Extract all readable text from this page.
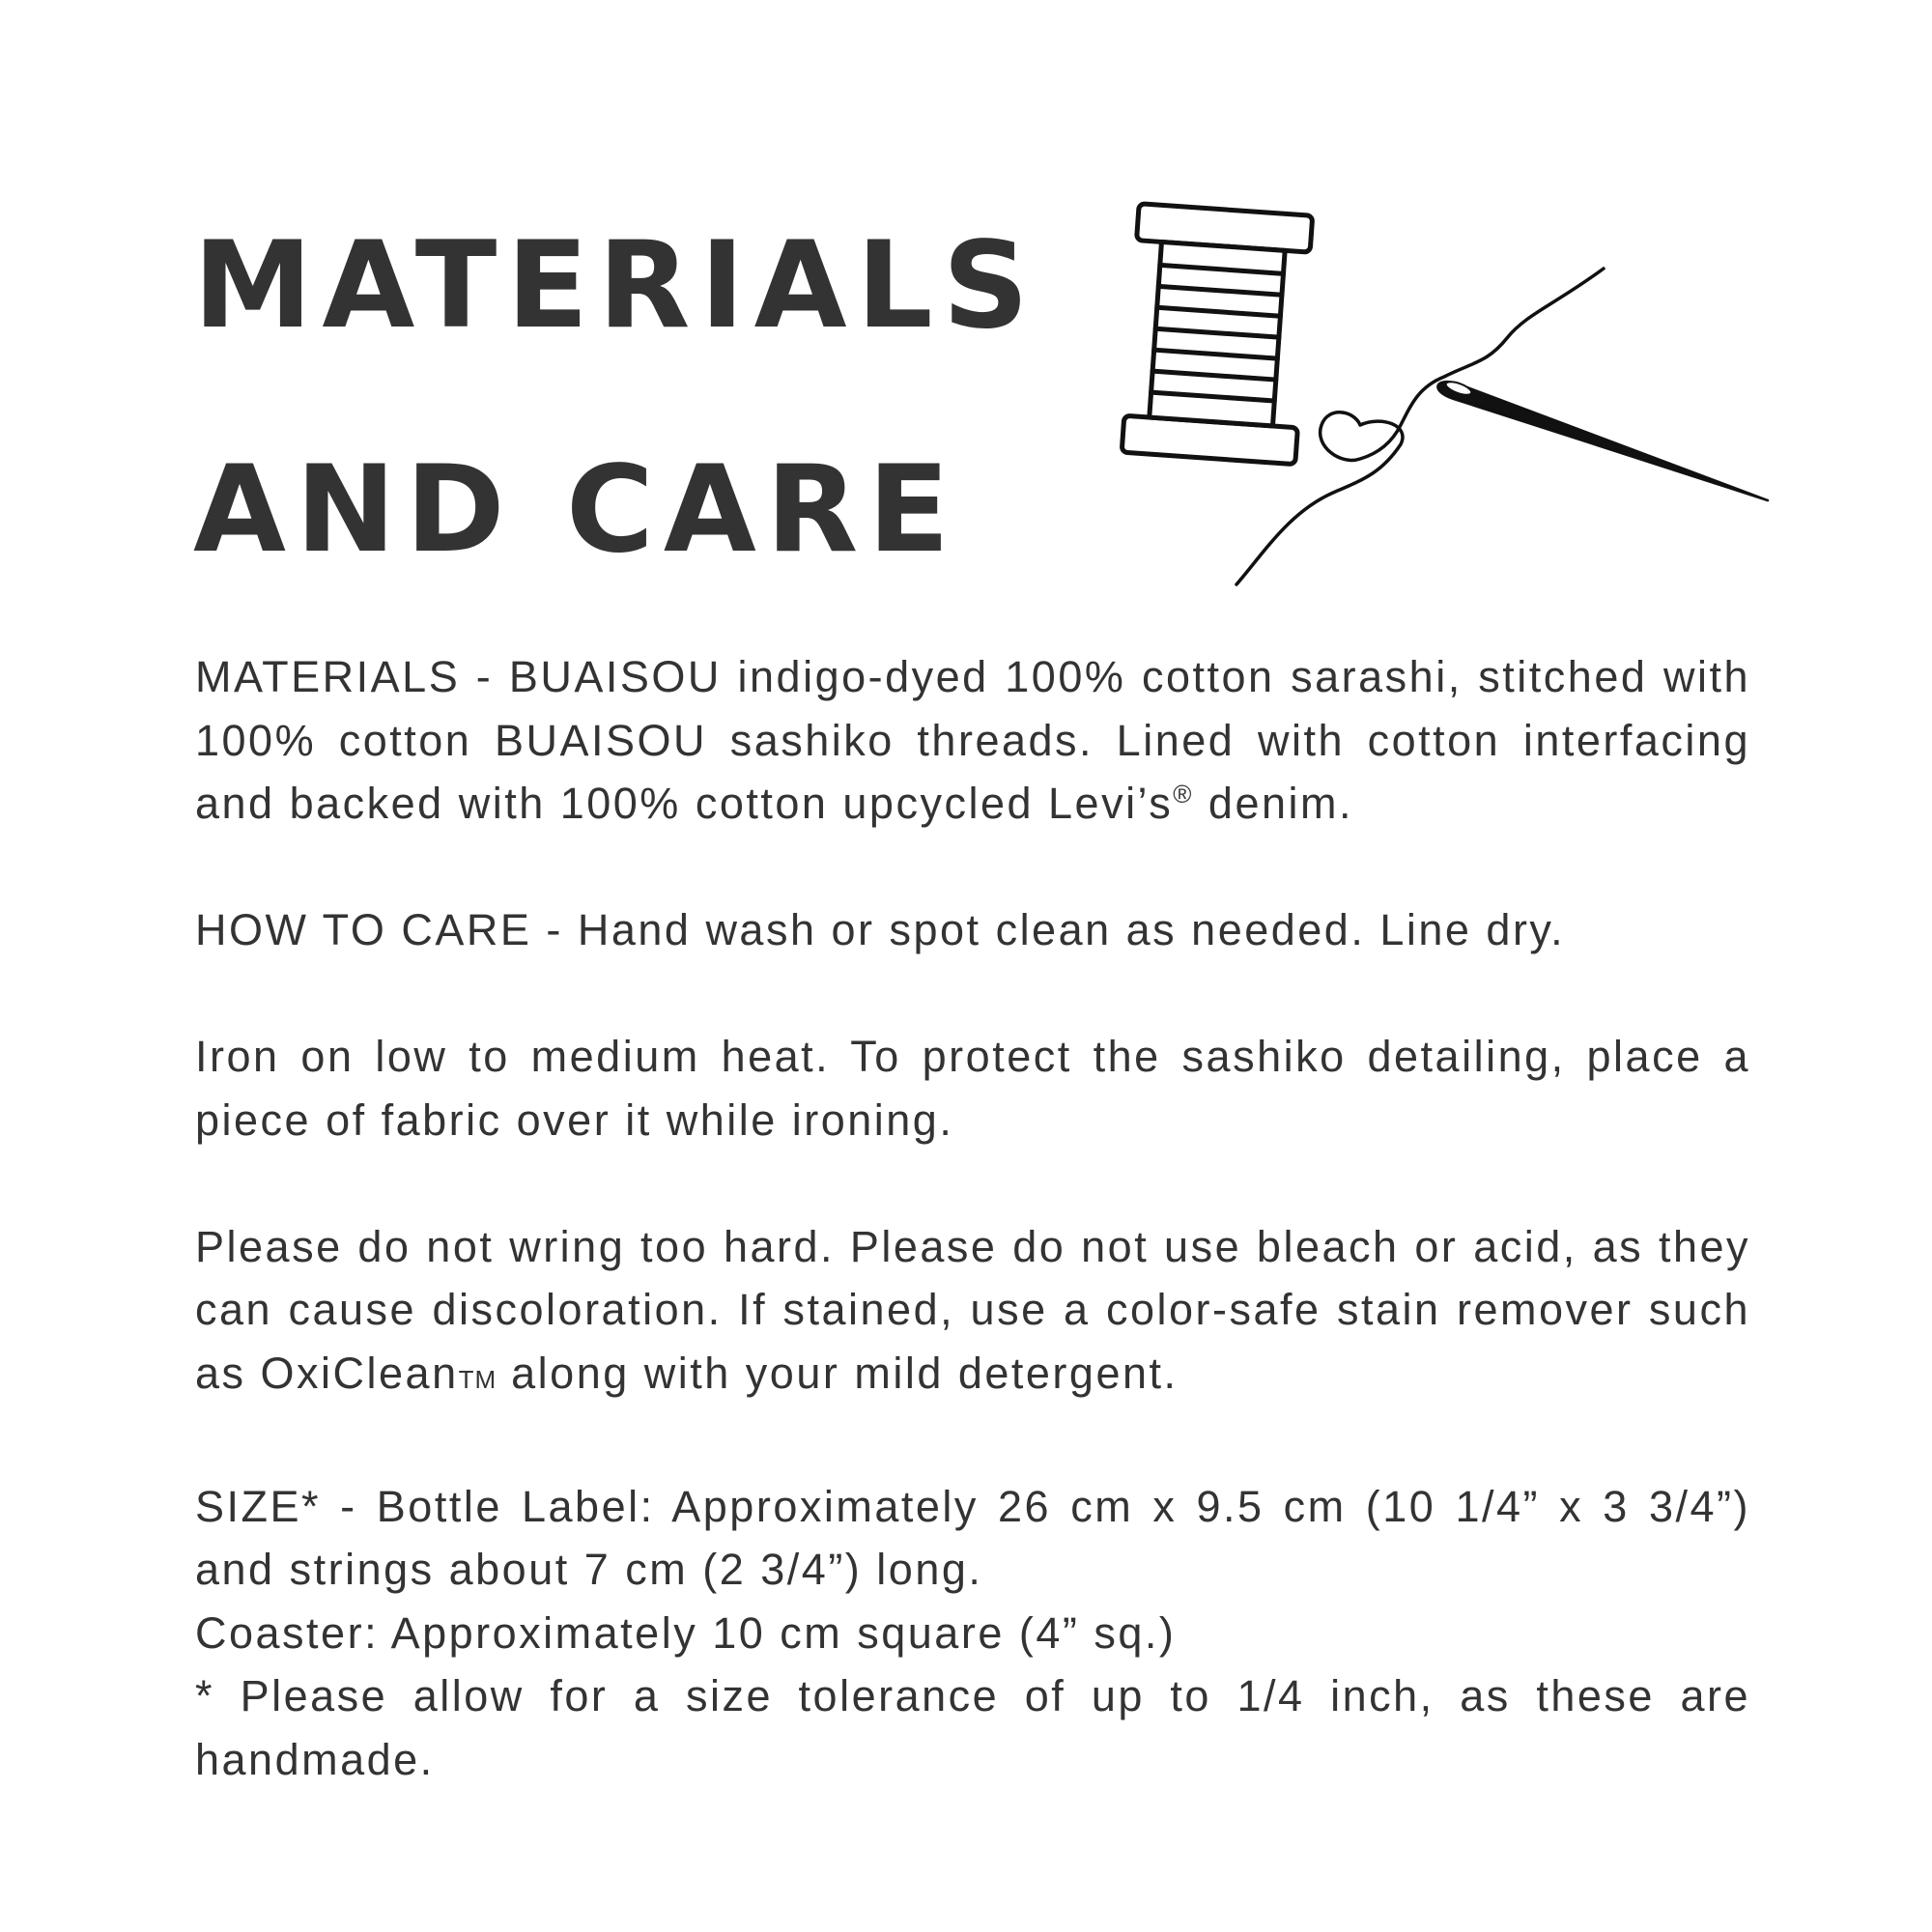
MATERIALS
AND CARE

MATERIALS - BUAISOU indigo-dyed 100% cotton sarashi, stitched with 100% cotton BUAISOU sashiko threads. Lined with cotton interfacing and backed with 100% cotton upcycled Levi’s® denim.

HOW TO CARE - Hand wash or spot clean as needed. Line dry.

Iron on low to medium heat. To protect the sashiko detailing, place a piece of fabric over it while ironing.

Please do not wring too hard. Please do not use bleach or acid, as they can cause discoloration. If stained, use a color-safe stain remover such as OxiCleanTM along with your mild detergent.

SIZE* - Bottle Label: Approximately 26 cm x 9.5 cm (10 1/4” x 3 3/4”) and strings about 7 cm (2 3/4”) long.
Coaster: Approximately 10 cm square (4” sq.)
* Please allow for a size tolerance of up to 1/4 inch, as these are handmade.
